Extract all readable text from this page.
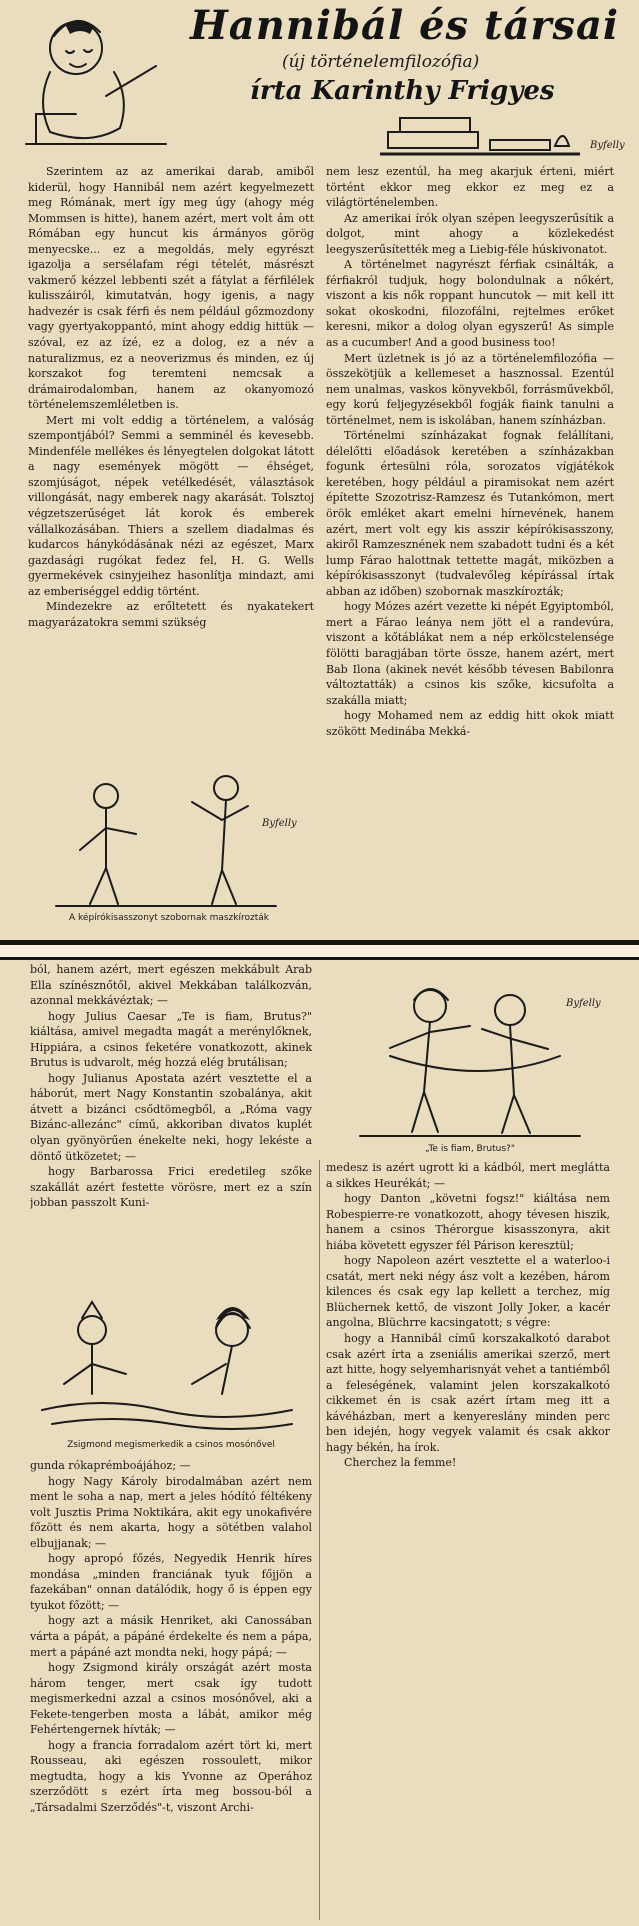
Hannibál és társai
(új történelemfilozófia)
írta Karinthy Frigyes
Byfelly

Szerintem az az amerikai darab, amiből kiderül, hogy Hannibál nem azért kegyelmezett meg Rómának, mert így meg úgy (ahogy még Mommsen is hitte), hanem azért, mert volt ám ott Rómában egy huncut kis ármányos görög menyecske... ez a megoldás, mely egyrészt igazolja a sersélafam régi tételét, másrészt vakmerő kézzel lebbenti szét a fátylat a férfilélek kulisszáiról, kimutatván, hogy igenis, a nagy hadvezér is csak férfi és nem például gőzmozdony vagy gyertyakoppantó, mint ahogy eddig hittük — szóval, ez az ízé, ez a dolog, ez a név a naturalizmus, ez a neoverizmus és minden, ez új korszakot fog teremteni nemcsak a drámairodalomban, hanem az okanyomozó történelemszemléletben is.

Mert mi volt eddig a történelem, a valóság szempontjából? Semmi a semminél és kevesebb. Mindenféle mellékes és lényegtelen dolgokat látott a nagy események mögött — éhséget, szomjúságot, népek vetélkedését, választások villongását, nagy emberek nagy akarását. Tolsztoj végzetszerűséget lát korok és emberek vállalkozásában. Thiers a szellem diadalmas és kudarcos hánykódásának nézi az egészet, Marx gazdasági rugókat fedez fel, H. G. Wells gyermekévek csinyjeihez hasonlítja mindazt, ami az emberiséggel eddig történt.

Mindezekre az erőltetett és nyakatekert magyarázatokra semmi szükség

Byfelly
A képírókisasszonyt szobornak maszkírozták

nem lesz ezentúl, ha meg akarjuk érteni, miért történt ekkor meg ekkor ez meg ez a világtörténelemben.

Az amerikai írók olyan szépen leegyszerűsítik a dolgot, mint ahogy a közlekedést leegyszerűsítették meg a Liebig-féle húskivonatot.

A történelmet nagyrészt férfiak csinálták, a férfiakról tudjuk, hogy bolondulnak a nőkért, viszont a kis nők roppant huncutok — mit kell itt sokat okoskodni, filozofálni, rejtelmes erőket keresni, mikor a dolog olyan egyszerű! As simple as a cucumber! And a good business too!

Mert üzletnek is jó az a történelemfilozófia — összekötjük a kellemeset a hasznossal. Ezentúl nem unalmas, vaskos könyvekből, forrásművekből, egy korú feljegyzésekből fogják fiaink tanulni a történelmet, nem is iskolában, hanem színházban.

Történelmi színházakat fognak felállítani, délelőtti előadások keretében a színházakban fogunk értesülni róla, sorozatos vígjátékok keretében, hogy például a piramisokat nem azért építette Szozotrisz-Ramzesz és Tutankómon, mert örök emléket akart emelni hírnevének, hanem azért, mert volt egy kis asszir képírókisasszony, akiről Ramzesznének nem szabadott tudni és a két lump Fárao halottnak tettette magát, miközben a képírókisasszonyt (tudvalevőleg képírással írtak abban az időben) szobornak maszkírozták;

hogy Mózes azért vezette ki népét Egyiptomból, mert a Fárao leánya nem jött el a randevúra, viszont a kőtáblákat nem a nép erkölcstelensége fölötti baragjában törte össze, hanem azért, mert Bab Ilona (akinek nevét később tévesen Babilonra változtatták) a csinos kis szőke, kicsufolta a szakálla miatt;

hogy Mohamed nem az eddig hitt okok miatt szökött Medinába Mekká-

ból, hanem azért, mert egészen mekkábult Arab Ella színésznőtől, akivel Mekkában találkozván, azonnal mekkávéztak; —

hogy Julius Caesar „Te is fiam, Brutus?" kiáltása, amivel megadta magát a merénylőknek, Hippiára, a csinos feketére vonatkozott, akinek Brutus is udvarolt, még hozzá elég brutálisan;

hogy Julianus Apostata azért vesztette el a háborút, mert Nagy Konstantin szobalánya, akit átvett a bizánci csődtömegből, a „Róma vagy Bizánc-allezánc" című, akkoriban divatos kuplét olyan gyönyörűen énekelte neki, hogy lekéste a döntő ütközetet; —

hogy Barbarossa Frici eredetileg szőke szakállát azért festette vörösre, mert ez a szín jobban passzolt Kuni-

Zsigmond megismerkedik a csinos mosónővel

gunda rókaprémboájához; —

hogy Nagy Károly birodalmában azért nem ment le soha a nap, mert a jeles hódító féltékeny volt Jusztis Prima Noktikára, akit egy unokafivére főzött és nem akarta, hogy a sötétben valahol elbujjanak; —

hogy apropó főzés, Negyedik Henrik híres mondása „minden franciának tyuk főjjön a fazekában" onnan datálódik, hogy ő is éppen egy tyukot főzött; —

hogy azt a másik Henriket, aki Canossában várta a pápát, a pápáné érdekelte és nem a pápa, mert a pápáné azt mondta neki, hogy pápá; —

hogy Zsigmond király országát azért mosta három tenger, mert csak így tudott megismerkedni azzal a csinos mosónővel, aki a Fekete-tengerben mosta a lábát, amikor még Fehértengernek hívták; —

hogy a francia forradalom azért tört ki, mert Rousseau, aki egészen rossoulett, mikor megtudta, hogy a kis Yvonne az Operához szerződött s ezért írta meg bossou-ból a „Társadalmi Szerződés"-t, viszont Archi-

Byfelly
„Te is fiam, Brutus?"

medesz is azért ugrott ki a kádból, mert meglátta a sikkes Heurékát; —

hogy Danton „követni fogsz!" kiáltása nem Robespierre-re vonatkozott, ahogy tévesen hiszik, hanem a csinos Thérorgue kisasszonyra, akit hiába követett egyszer fél Párison keresztül;

hogy Napoleon azért vesztette el a waterloo-i csatát, mert neki négy ász volt a kezében, három kilences és csak egy lap kellett a terchez, míg Blüchernek kettő, de viszont Jolly Joker, a kacér angolna, Blüchrre kacsingatott; s végre:

hogy a Hannibál című korszakalkotó darabot csak azért írta a zseniális amerikai szerző, mert azt hitte, hogy selyemharisnyát vehet a tantiémből a feleségének, valamint jelen korszakalkotó cikkemet én is csak azért írtam meg itt a kávéházban, mert a kenyereslány minden perc ben idején, hogy vegyek valamit és csak akkor hagy békén, ha írok.

Cherchez la femme!
